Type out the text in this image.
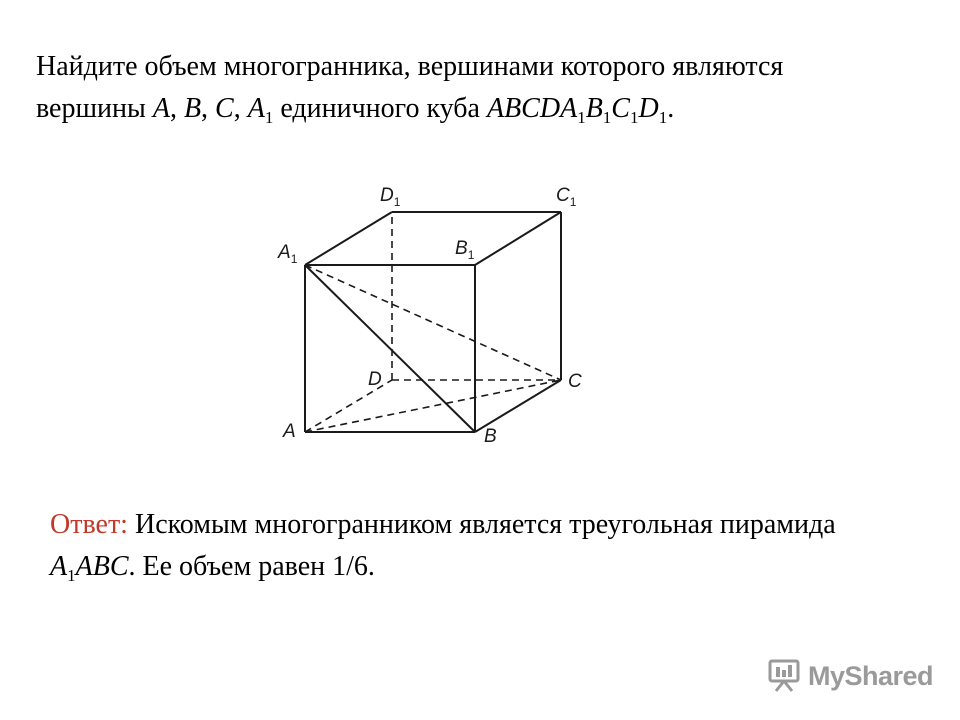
Найдите объем многогранника, вершинами которого являются
вершины A, B, C, $A_1$ единичного куба $ABCDA_1B_1C_1D_1$.

A	B
C
D
$A_1$	$B_1$
$C_1$
$D_1$

Ответ: Искомым многогранником является треугольная пирамида
$A_1ABC$. Ее объем равен 1/6.

MyShared
